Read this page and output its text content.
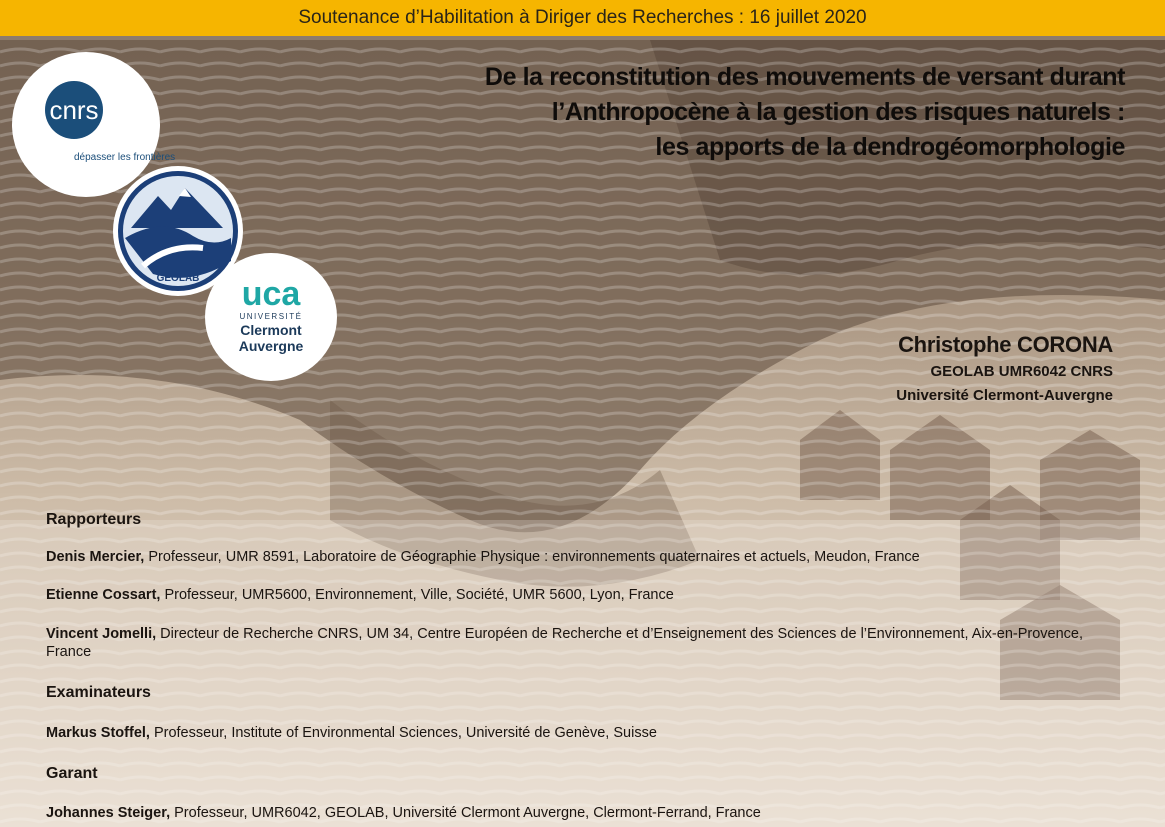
Soutenance d’Habilitation à Diriger des Recherches : 16 juillet 2020
cnrs
dépasser les frontières
GEOLAB uca
UNIVERSITÉ
Clermont
Auvergne
De la reconstitution des mouvements de versant durant
l’Anthropocène à la gestion des risques naturels :
les apports de la dendrogéomorphologie
Christophe CORONA
GEOLAB UMR6042 CNRS
Université Clermont-Auvergne
Rapporteurs
Denis Mercier, Professeur, UMR 8591, Laboratoire de Géographie Physique : environnements quaternaires et actuels, Meudon, France
Etienne Cossart, Professeur, UMR5600, Environnement, Ville, Société, UMR 5600, Lyon, France
Vincent Jomelli, Directeur de Recherche CNRS, UM 34, Centre Européen de Recherche et d’Enseignement des Sciences de l’Environnement, Aix-en-Provence, France
Examinateurs
Markus Stoffel, Professeur, Institute of Environmental Sciences, Université de Genève, Suisse
Garant
Johannes Steiger, Professeur, UMR6042, GEOLAB, Université Clermont Auvergne, Clermont-Ferrand, France
